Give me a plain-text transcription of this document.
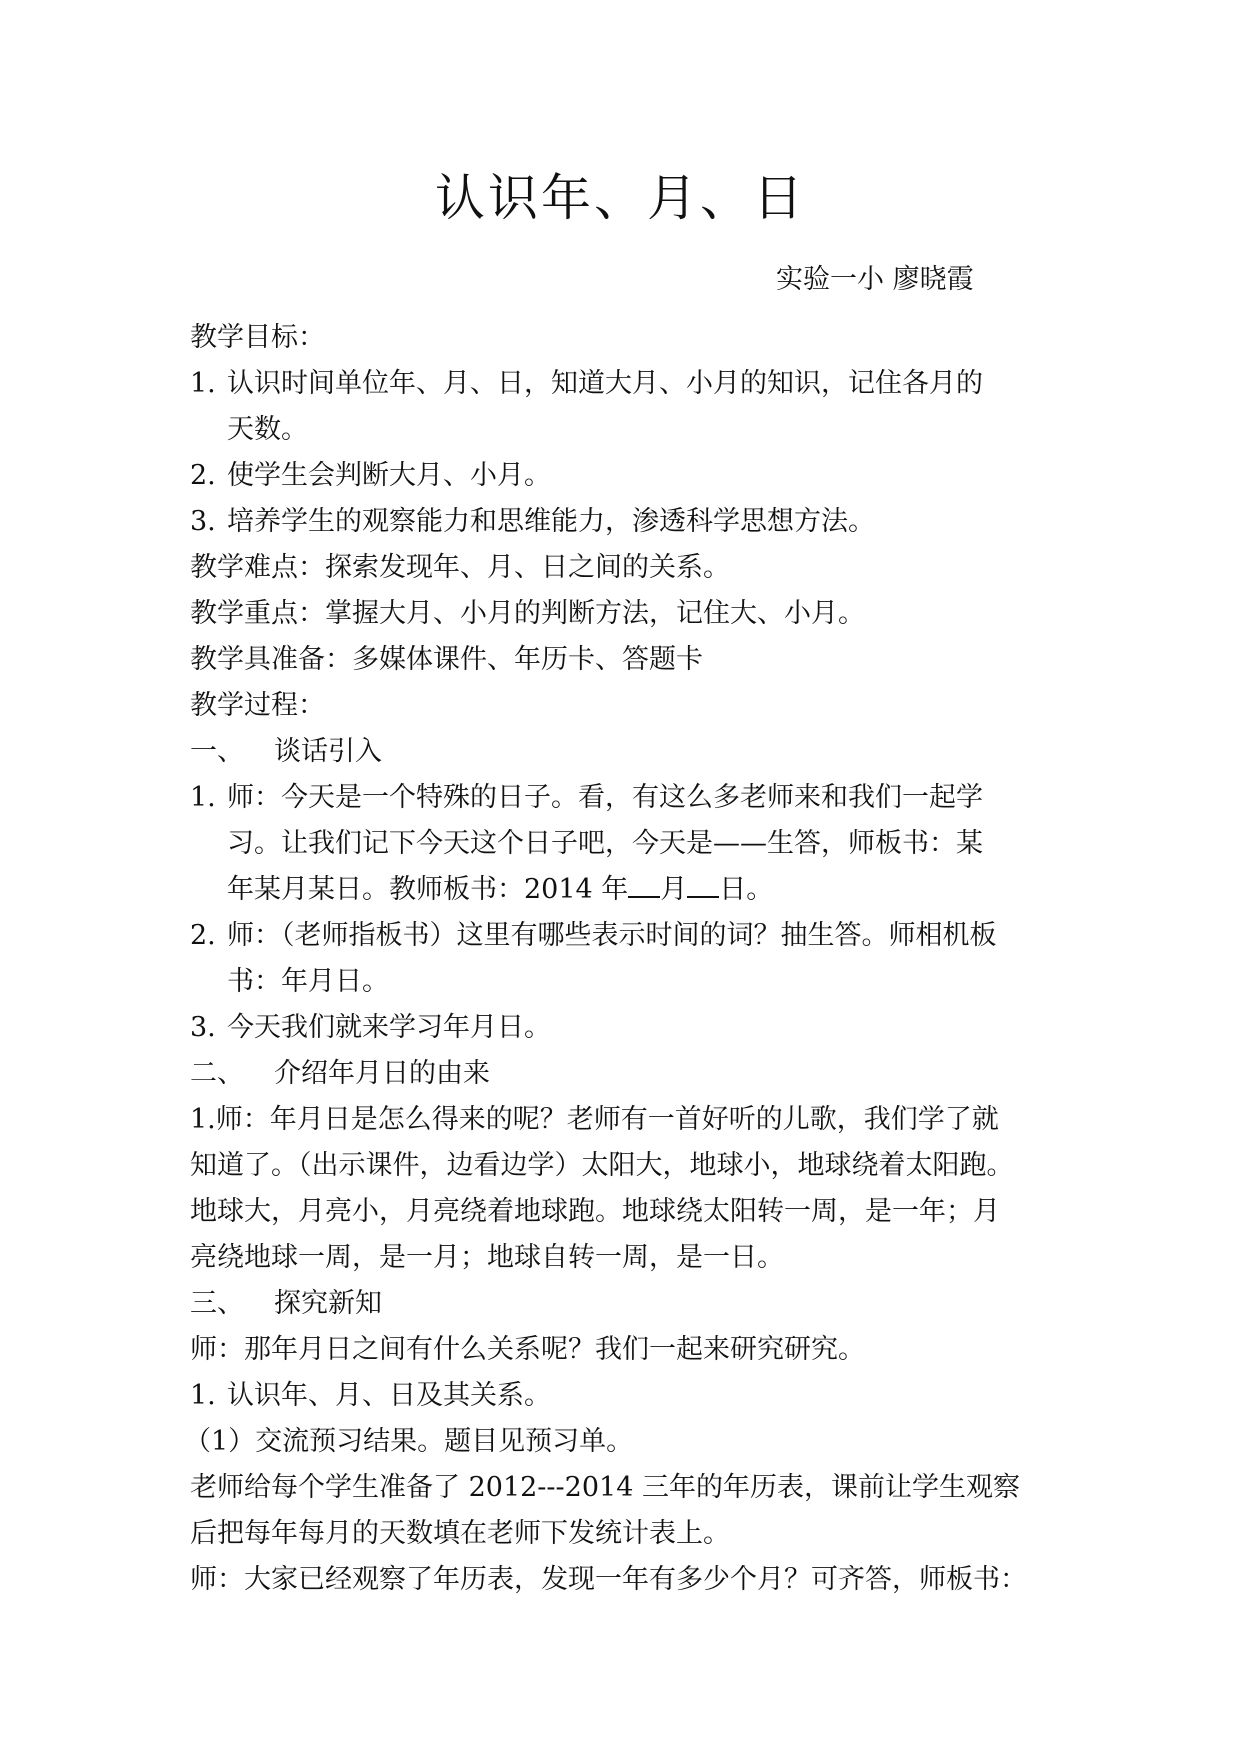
认识年、月、日
实验一小 廖晓霞
教学目标：
1. 认识时间单位年、月、日，知道大月、小月的知识，记住各月的
天数。
2. 使学生会判断大月、小月。
3. 培养学生的观察能力和思维能力，渗透科学思想方法。
教学难点：探索发现年、月、日之间的关系。
教学重点：掌握大月、小月的判断方法，记住大、小月。
教学具准备：多媒体课件、年历卡、答题卡
教学过程：
一、 谈话引入
1. 师：今天是一个特殊的日子。看，有这么多老师来和我们一起学
习。让我们记下今天这个日子吧，今天是——生答，师板书：某
年某月某日。教师板书：2014 年 月 日。
2. 师：（老师指板书）这里有哪些表示时间的词？抽生答。师相机板
书：年月日。
3. 今天我们就来学习年月日。
二、 介绍年月日的由来
1.师：年月日是怎么得来的呢？老师有一首好听的儿歌，我们学了就
知道了。（出示课件，边看边学）太阳大，地球小，地球绕着太阳跑。
地球大，月亮小，月亮绕着地球跑。地球绕太阳转一周，是一年；月
亮绕地球一周，是一月；地球自转一周，是一日。
三、 探究新知
师：那年月日之间有什么关系呢？我们一起来研究研究。
1. 认识年、月、日及其关系。
（1）交流预习结果。题目见预习单。
老师给每个学生准备了 2012---2014 三年的年历表，课前让学生观察
后把每年每月的天数填在老师下发统计表上。
师：大家已经观察了年历表，发现一年有多少个月？可齐答，师板书：
